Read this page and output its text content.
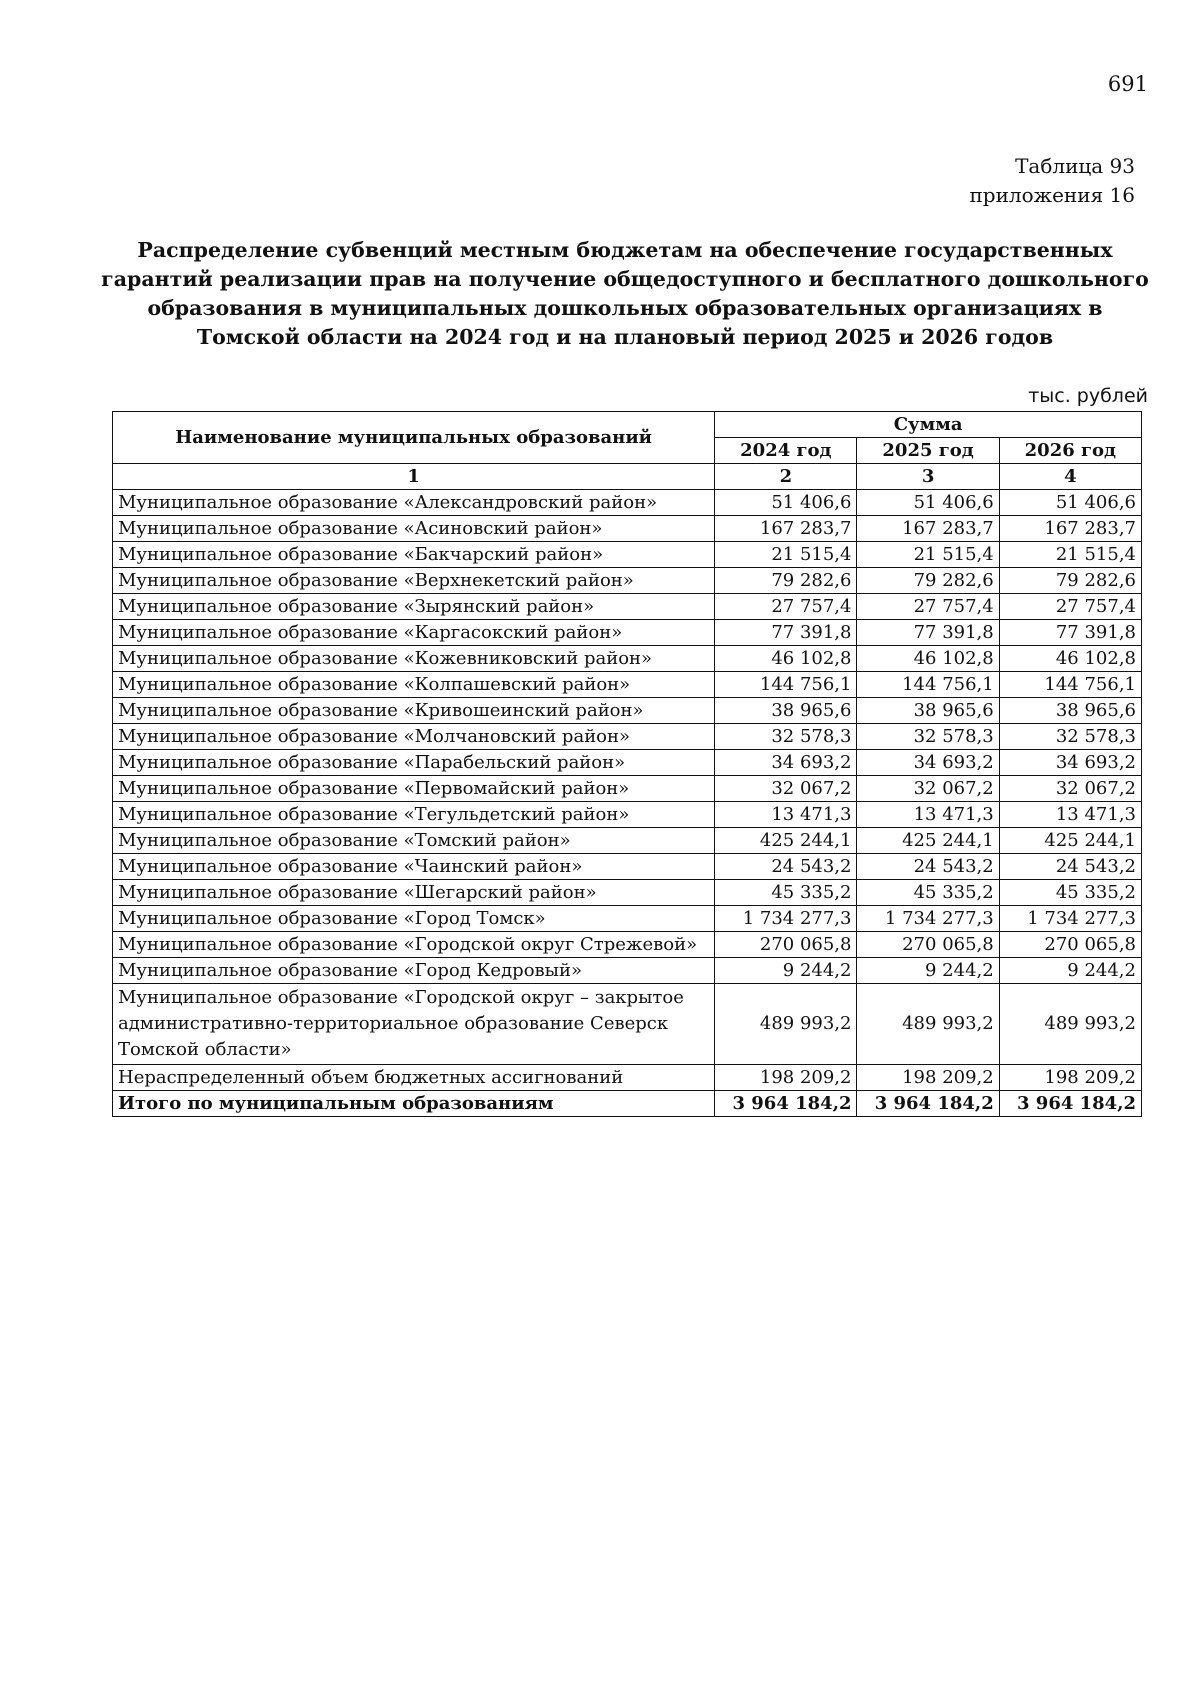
691
Таблица 93
приложения 16
Распределение субвенций местным бюджетам на обеспечение государственных гарантий реализации прав на получение общедоступного и бесплатного дошкольного образования в муниципальных дошкольных образовательных организациях в Томской области на 2024 год и на плановый период 2025 и 2026 годов
тыс. рублей
Наименование муниципальных образований	Сумма		
	2024 год	2025 год	2026 год
1	2	3	4
Муниципальное образование «Александровский район»	51 406,6	51 406,6	51 406,6
Муниципальное образование «Асиновский район»	167 283,7	167 283,7	167 283,7
Муниципальное образование «Бакчарский район»	21 515,4	21 515,4	21 515,4
Муниципальное образование «Верхнекетский район»	79 282,6	79 282,6	79 282,6
Муниципальное образование «Зырянский район»	27 757,4	27 757,4	27 757,4
Муниципальное образование «Каргасокский район»	77 391,8	77 391,8	77 391,8
Муниципальное образование «Кожевниковский район»	46 102,8	46 102,8	46 102,8
Муниципальное образование «Колпашевский район»	144 756,1	144 756,1	144 756,1
Муниципальное образование «Кривошеинский район»	38 965,6	38 965,6	38 965,6
Муниципальное образование «Молчановский район»	32 578,3	32 578,3	32 578,3
Муниципальное образование «Парабельский район»	34 693,2	34 693,2	34 693,2
Муниципальное образование «Первомайский район»	32 067,2	32 067,2	32 067,2
Муниципальное образование «Тегульдетский район»	13 471,3	13 471,3	13 471,3
Муниципальное образование «Томский район»	425 244,1	425 244,1	425 244,1
Муниципальное образование «Чаинский район»	24 543,2	24 543,2	24 543,2
Муниципальное образование «Шегарский район»	45 335,2	45 335,2	45 335,2
Муниципальное образование «Город Томск»	1 734 277,3	1 734 277,3	1 734 277,3
Муниципальное образование «Городской округ Стрежевой»	270 065,8	270 065,8	270 065,8
Муниципальное образование «Город Кедровый»	9 244,2	9 244,2	9 244,2
Муниципальное образование «Городской округ – закрытое административно-территориальное образование Северск Томской области»	489 993,2	489 993,2	489 993,2
Нераспределенный объем бюджетных ассигнований	198 209,2	198 209,2	198 209,2
Итого по муниципальным образованиям	3 964 184,2	3 964 184,2	3 964 184,2
